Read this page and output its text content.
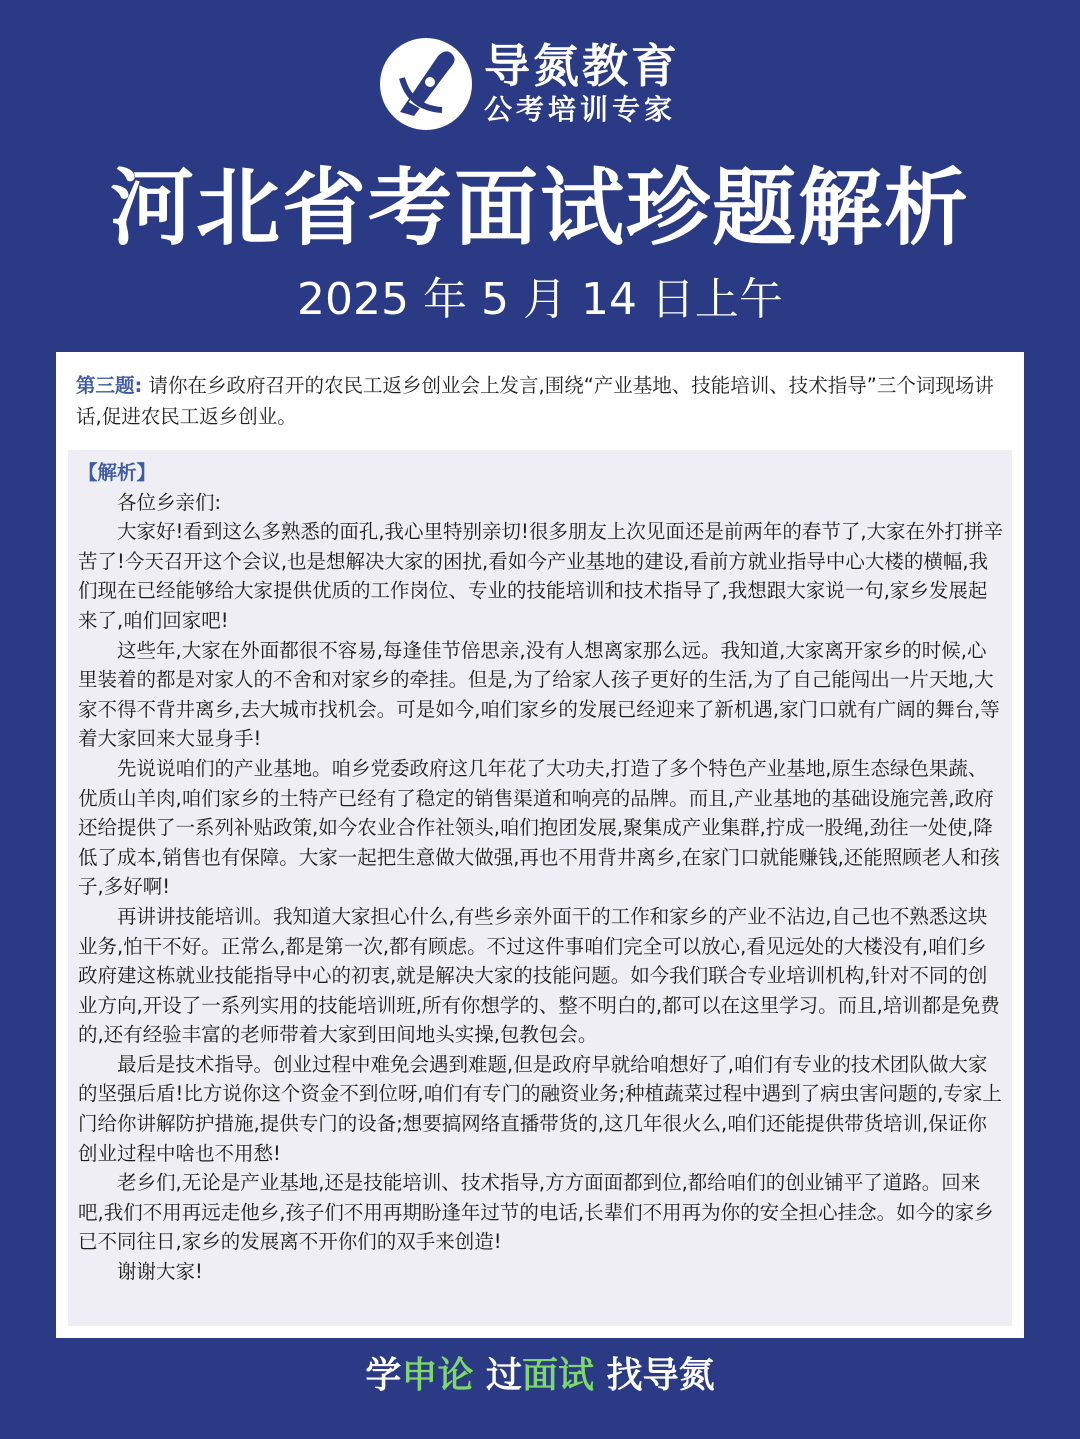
导氮教育
公考培训专家
河北省考面试珍题解析
2025 年 5 月 14 日上午
第三题: 请你在乡政府召开的农民工返乡创业会上发言,围绕“产业基地、技能培训、技术指导”三个词现场讲话,促进农民工返乡创业。
【解析】

各位乡亲们:

大家好!看到这么多熟悉的面孔,我心里特别亲切!很多朋友上次见面还是前两年的春节了,大家在外打拼辛苦了!今天召开这个会议,也是想解决大家的困扰,看如今产业基地的建设,看前方就业指导中心大楼的横幅,我们现在已经能够给大家提供优质的工作岗位、专业的技能培训和技术指导了,我想跟大家说一句,家乡发展起来了,咱们回家吧!

这些年,大家在外面都很不容易,每逢佳节倍思亲,没有人想离家那么远。我知道,大家离开家乡的时候,心里装着的都是对家人的不舍和对家乡的牵挂。但是,为了给家人孩子更好的生活,为了自己能闯出一片天地,大家不得不背井离乡,去大城市找机会。可是如今,咱们家乡的发展已经迎来了新机遇,家门口就有广阔的舞台,等着大家回来大显身手!

先说说咱们的产业基地。咱乡党委政府这几年花了大功夫,打造了多个特色产业基地,原生态绿色果蔬、优质山羊肉,咱们家乡的土特产已经有了稳定的销售渠道和响亮的品牌。而且,产业基地的基础设施完善,政府还给提供了一系列补贴政策,如今农业合作社领头,咱们抱团发展,聚集成产业集群,拧成一股绳,劲往一处使,降低了成本,销售也有保障。大家一起把生意做大做强,再也不用背井离乡,在家门口就能赚钱,还能照顾老人和孩子,多好啊!

再讲讲技能培训。我知道大家担心什么,有些乡亲外面干的工作和家乡的产业不沾边,自己也不熟悉这块业务,怕干不好。正常么,都是第一次,都有顾虑。不过这件事咱们完全可以放心,看见远处的大楼没有,咱们乡政府建这栋就业技能指导中心的初衷,就是解决大家的技能问题。如今我们联合专业培训机构,针对不同的创业方向,开设了一系列实用的技能培训班,所有你想学的、整不明白的,都可以在这里学习。而且,培训都是免费的,还有经验丰富的老师带着大家到田间地头实操,包教包会。

最后是技术指导。创业过程中难免会遇到难题,但是政府早就给咱想好了,咱们有专业的技术团队做大家的坚强后盾!比方说你这个资金不到位呀,咱们有专门的融资业务;种植蔬菜过程中遇到了病虫害问题的,专家上门给你讲解防护措施,提供专门的设备;想要搞网络直播带货的,这几年很火么,咱们还能提供带货培训,保证你创业过程中啥也不用愁!

老乡们,无论是产业基地,还是技能培训、技术指导,方方面面都到位,都给咱们的创业铺平了道路。回来吧,我们不用再远走他乡,孩子们不用再期盼逢年过节的电话,长辈们不用再为你的安全担心挂念。如今的家乡已不同往日,家乡的发展离不开你们的双手来创造!

谢谢大家!

学申论 过面试 找导氮
